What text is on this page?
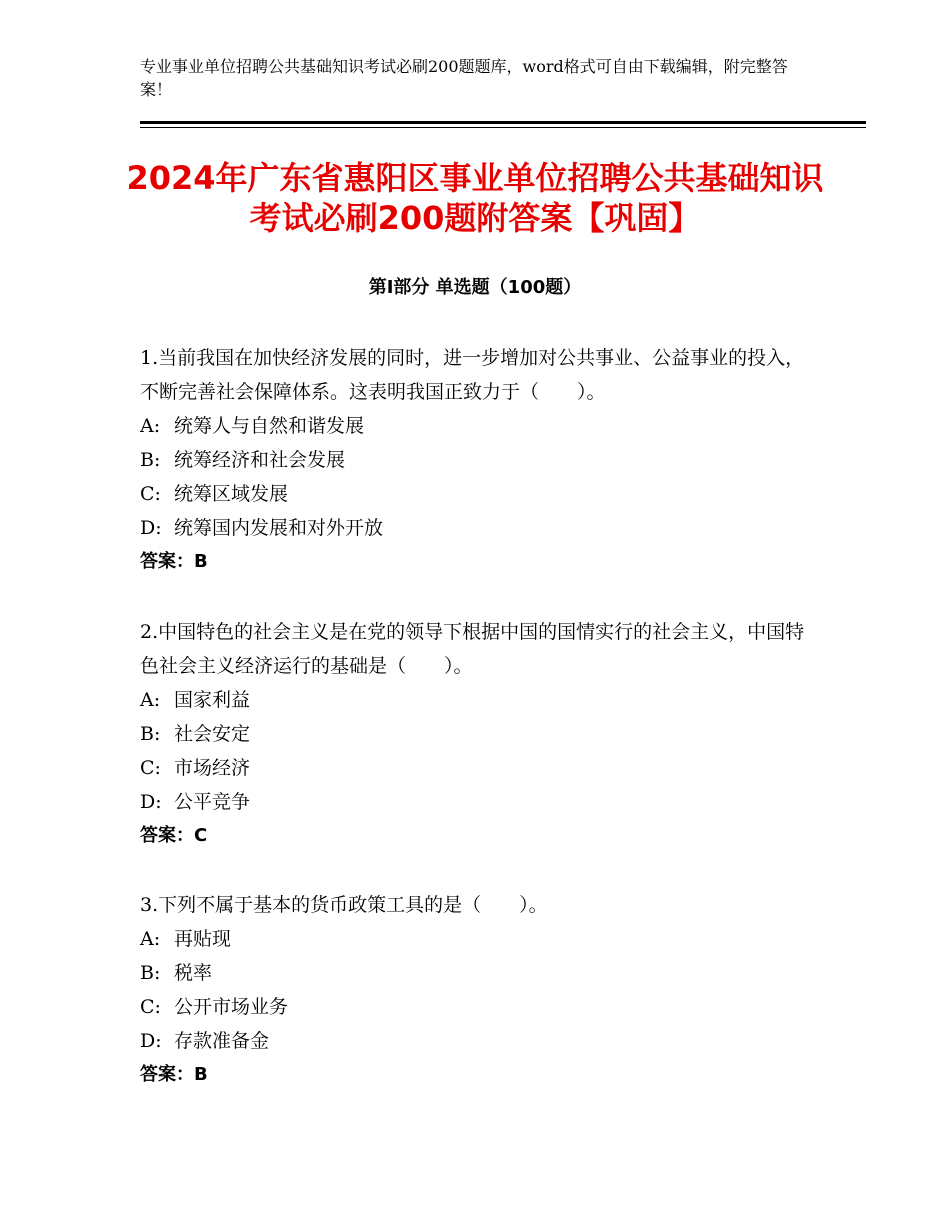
专业事业单位招聘公共基础知识考试必刷200题题库，word格式可自由下载编辑，附完整答案！
2024年广东省惠阳区事业单位招聘公共基础知识考试必刷200题附答案【巩固】
第Ⅰ部分 单选题（100题）

1.当前我国在加快经济发展的同时，进一步增加对公共事业、公益事业的投入，不断完善社会保障体系。这表明我国正致力于（　　）。

A: 统筹人与自然和谐发展

B: 统筹经济和社会发展

C: 统筹区域发展

D: 统筹国内发展和对外开放

答案：B

2.中国特色的社会主义是在党的领导下根据中国的国情实行的社会主义，中国特色社会主义经济运行的基础是（　　）。

A: 国家利益

B: 社会安定

C: 市场经济

D: 公平竞争

答案：C

3.下列不属于基本的货币政策工具的是（　　）。

A: 再贴现

B: 税率

C: 公开市场业务

D: 存款准备金

答案：B
